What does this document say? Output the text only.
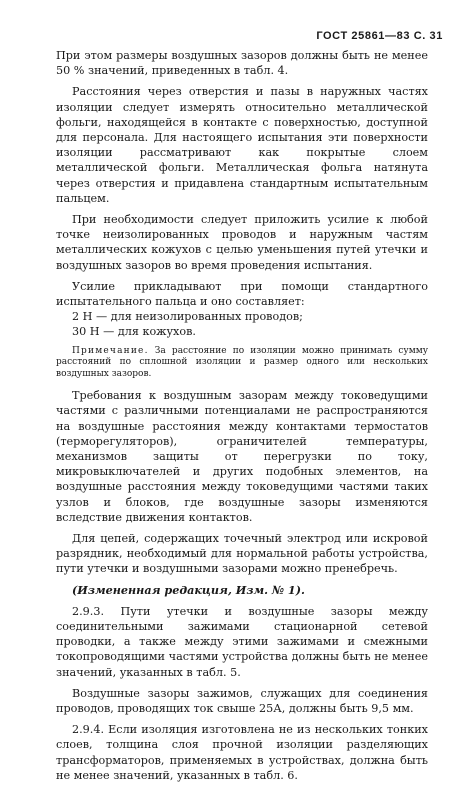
ГОСТ 25861—83 С. 31

При этом размеры воздушных зазоров должны быть не менее 50 % значений, приведенных в табл. 4.

Расстояния через отверстия и пазы в наружных частях изоляции следует измерять относительно металлической фольги, находящейся в контакте с поверхностью, доступной для персонала. Для настоящего испытания эти поверхности изоляции рассматривают как покрытые слоем металлической фольги. Металлическая фольга натянута через отверстия и придавлена стандартным испытательным пальцем.

При необходимости следует приложить усилие к любой точке неизолированных проводов и наружным частям металлических кожухов с целью уменьшения путей утечки и воздушных зазоров во время проведения испытания.

Усилие прикладывают при помощи стандартного испытательного пальца и оно составляет:

2 Н — для неизолированных проводов;

30 Н — для кожухов.

Примечание. За расстояние по изоляции можно принимать сумму расстояний по сплошной изоляции и размер одного или нескольких воздушных зазоров.

Требования к воздушным зазорам между токоведущими частями с различными потенциалами не распространяются на воздушные расстояния между контактами термостатов (терморегуляторов), ограничителей температуры, механизмов защиты от перегрузки по току, микровыключателей и других подобных элементов, на воздушные расстояния между токоведущими частями таких узлов и блоков, где воздушные зазоры изменяются вследствие движения контактов.

Для цепей, содержащих точечный электрод или искровой разрядник, необходимый для нормальной работы устройства, пути утечки и воздушными зазорами можно пренебречь.

(Измененная редакция, Изм. № 1).

2.9.3. Пути утечки и воздушные зазоры между соединительными зажимами стационарной сетевой проводки, а также между этими зажимами и смежными токопроводящими частями устройства должны быть не менее значений, указанных в табл. 5.

Воздушные зазоры зажимов, служащих для соединения проводов, проводящих ток свыше 25А, должны быть 9,5 мм.

2.9.4. Если изоляция изготовлена не из нескольких тонких слоев, толщина слоя прочной изоляции разделяющих трансформаторов, применяемых в устройствах, должна быть не менее значений, указанных в табл. 6.
